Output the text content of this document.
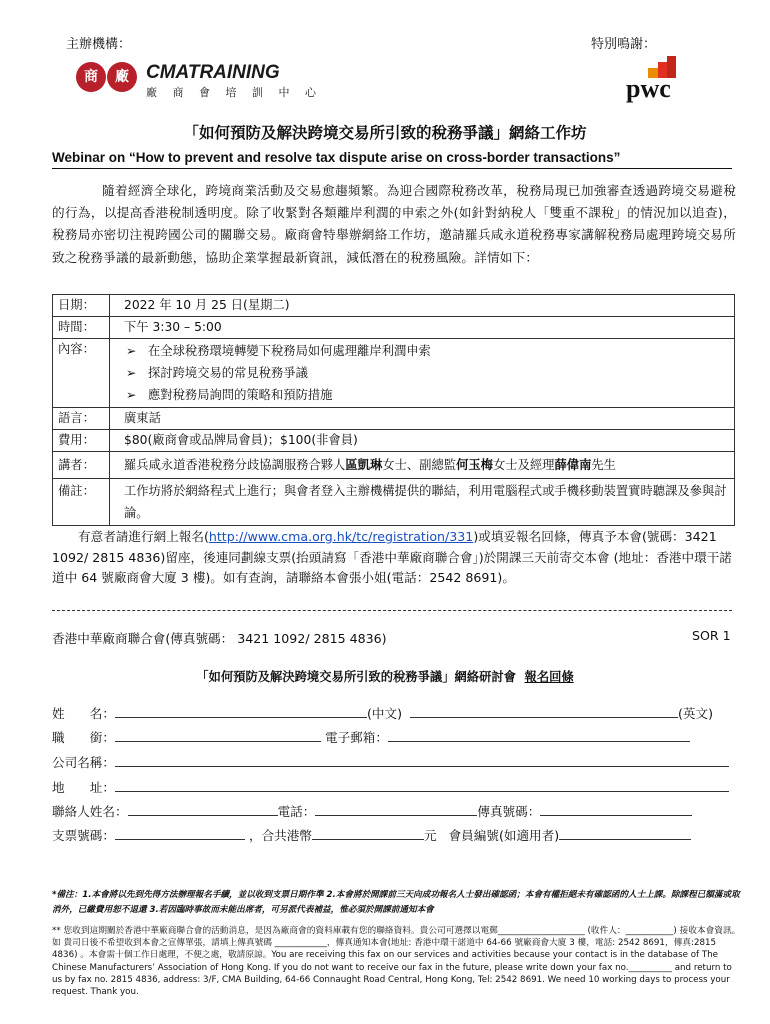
主辦機構：	特別鳴謝：
商 廠 CMATRAINING
廠 商 會 培 訓 中 心	pwc
「如何預防及解決跨境交易所引致的稅務爭議」網絡工作坊
Webinar on “How to prevent and resolve tax dispute arise on cross-border transactions”
隨着經濟全球化，跨境商業活動及交易愈趨頻繁。為迎合國際稅務改革，稅務局現已加強審查透過跨境交易避稅的行為，以提高香港稅制透明度。除了收緊對各類離岸利潤的申索之外(如針對納稅人「雙重不課稅」的情況加以追查)，稅務局亦密切注視跨國公司的關聯交易。廠商會特舉辦網絡工作坊，邀請羅兵咸永道稅務專家講解稅務局處理跨境交易所致之稅務爭議的最新動態，協助企業掌握最新資訊，減低潛在的稅務風險。詳情如下：
日期：	2022 年 10 月 25 日(星期二)
時間：	下午 3:30 – 5:00
內容：	➢ 在全球稅務環境轉變下稅務局如何處理離岸利潤申索
➢ 探討跨境交易的常見稅務爭議
➢ 應對稅務局詢問的策略和預防措施

語言：	廣東話
費用：	$80(廠商會或品牌局會員)；$100(非會員)
講者：	羅兵咸永道香港稅務分歧協調服務合夥人區凱琳女士、副總監何玉梅女士及經理薛偉南先生
備註：	工作坊將於網絡程式上進行；與會者登入主辦機構提供的聯結，利用電腦程式或手機移動裝置實時聽課及參與討論。
有意者請進行網上報名(http://www.cma.org.hk/tc/registration/331)或填妥報名回條，傳真予本會(號碼：3421 1092/ 2815 4836)留座，後連同劃線支票(抬頭請寫「香港中華廠商聯合會」)於開課三天前寄交本會 (地址：香港中環干諾道中 64 號廠商會大廈 3 樓)。如有查詢，請聯絡本會張小姐(電話：2542 8691)。
香港中華廠商聯合會(傳真號碼： 3421 1092/ 2815 4836)	SOR 1
「如何預防及解決跨境交易所引致的稅務爭議」網絡研討會 報名回條
姓　　名：	(中文)	(英文)
職　　銜：	電子郵箱：
公司名稱：
地　　址：
聯絡人姓名：	電話：	傳真號碼：
支票號碼：	，合共港幣	元 會員編號(如適用者)
*備注：1.本會將以先到先得方法辦理報名手續，並以收到支票日期作準 2.本會將於開課前三天向成功報名人士發出確認函；本會有權拒絕未有確認函的人士上課。除課程已額滿或取消外，已繳費用恕不退還 3.若因臨時事故而未能出席者，可另派代表補益，惟必須於開課前通知本會
** 您收到這期關於香港中華廠商聯合會的活動消息，是因為廠商會的資料庫載有您的聯絡資料。貴公司可選擇以電郵____________________ (收件人：___________) 接收本會資訊。如 貴司日後不希望收到本會之宣傳單張，請填上傳真號碼 ____________，傳真通知本會(地址: 香港中環干諾道中 64-66 號廠商會大廈 3 樓，電話: 2542 8691，傳真:2815 4836) 。本會需十個工作日處理，不便之處，敬請原諒。You are receiving this fax on our services and activities because your contact is in the database of The Chinese Manufacturers’ Association of Hong Kong. If you do not want to receive our fax in the future, please write down your fax no.__________ and return to us by fax no. 2815 4836, address: 3/F, CMA Building, 64-66 Connaught Road Central, Hong Kong, Tel: 2542 8691. We need 10 working days to process your request. Thank you.
